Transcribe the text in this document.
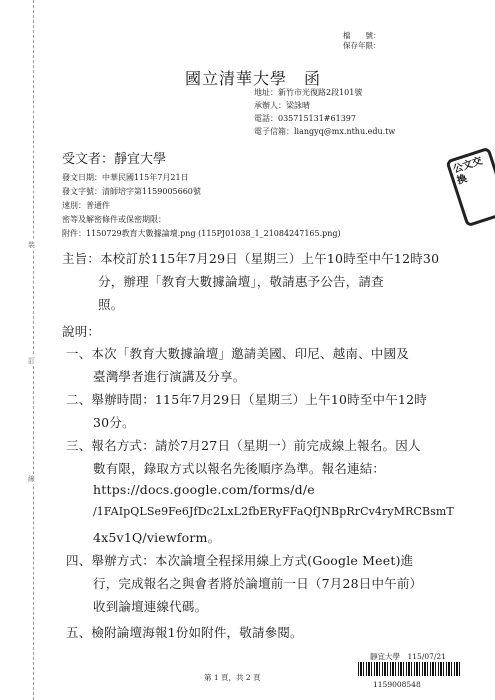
裝
訂
線
檔　　號：
保存年限：
國立清華大學　函
地址：新竹市光復路2段101號
承辦人：梁詠晴
電話：035715131#61397
電子信箱：liangyq@mx.nthu.edu.tw
受文者：靜宜大學
發文日期：中華民國115年7月21日
發文字號：清師培字第1159005660號
速別：普通件
密等及解密條件或保密期限：
附件：1150729教育大數據論壇.png (115PJ01038_1_21084247165.png)
主旨：本校訂於115年7月29日（星期三）上午10時至中午12時30
分，辦理「教育大數據論壇」，敬請惠予公告，請查
照。
說明：
一、本次「教育大數據論壇」邀請美國、印尼、越南、中國及
臺灣學者進行演講及分享。
二、舉辦時間：115年7月29日（星期三）上午10時至中午12時
30分。
三、報名方式：請於7月27日（星期一）前完成線上報名。因人
數有限，錄取方式以報名先後順序為準。報名連結：
https://docs.google.com/forms/d/e
/1FAIpQLSe9Fe6JfDc2LxL2fbERyFFaQfJNBpRrCv4ryMRCBsmT
4x5v1Q/viewform。
四、舉辦方式：本次論壇全程採用線上方式(Google Meet)進
行，完成報名之與會者將於論壇前一日（7月28日中午前）
收到論壇連線代碼。
五、檢附論壇海報1份如附件，敬請參閱。
公文交換
靜宜大學　115/07/21
1159008548
第 1 頁，共 2 頁
